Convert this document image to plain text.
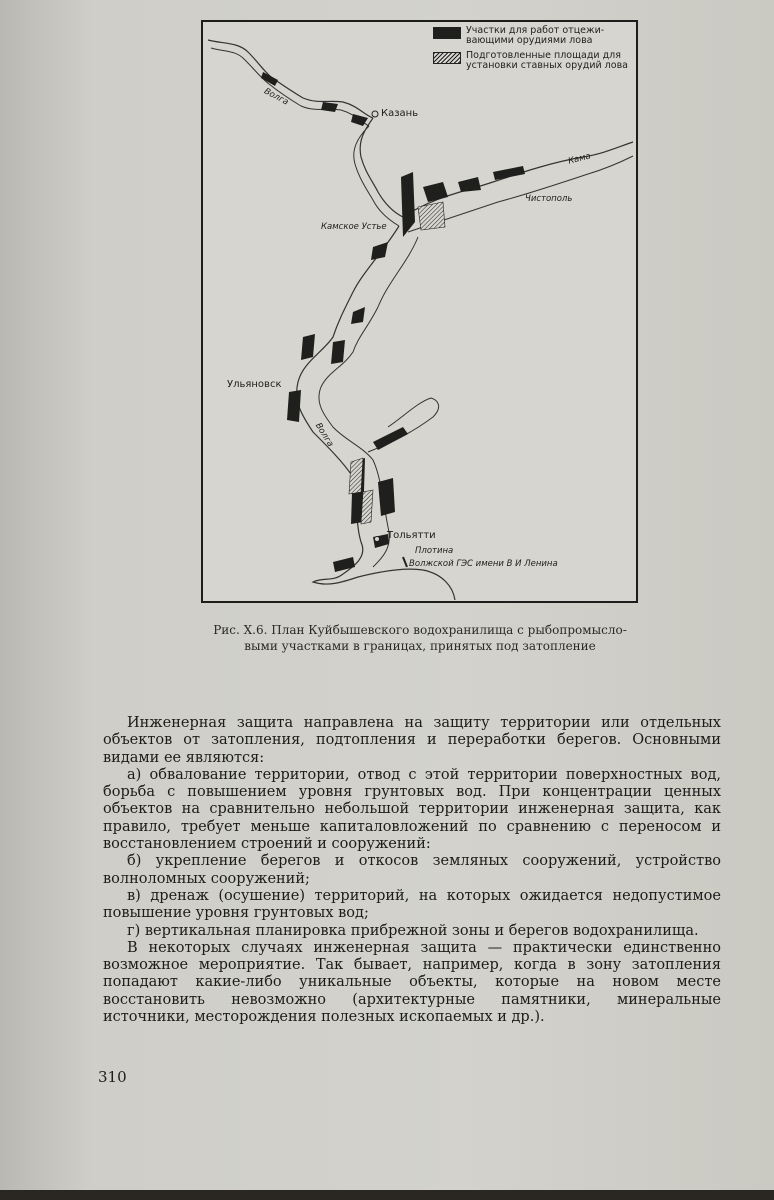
Участки для работ отцежи-вающими орудиями лова
Подготовленные площади для установки ставных орудий лова
Волга
Казань
Кама
Чистополь
Камское Устье
Ульяновск
Волга
Тольятти
Плотина
Волжской ГЭС имени В И Ленина
Рис. X.6. План Куйбышевского водохранилища с рыбопромысло-
выми участками в границах, принятых под затопление

Инженерная защита направлена на защиту территории или отдельных объектов от затопления, подтопления и переработки берегов. Основными видами ее являются:

а) обвалование территории, отвод с этой территории поверхностных вод, борьба с повышением уровня грунтовых вод. При концентрации ценных объектов на сравнительно небольшой территории инженерная защита, как правило, требует меньше капиталовложений по сравнению с переносом и восстановлением строений и сооружений:

б) укрепление берегов и откосов земляных сооружений, устройство волноломных сооружений;

в) дренаж (осушение) территорий, на которых ожидается недопустимое повышение уровня грунтовых вод;

г) вертикальная планировка прибрежной зоны и берегов водохранилища.

В некоторых случаях инженерная защита — практически единственно возможное мероприятие. Так бывает, например, когда в зону затопления попадают какие-либо уникальные объекты, которые на новом месте восстановить невозможно (архитектурные памятники, минеральные источники, месторождения полезных ископаемых и др.).

310
